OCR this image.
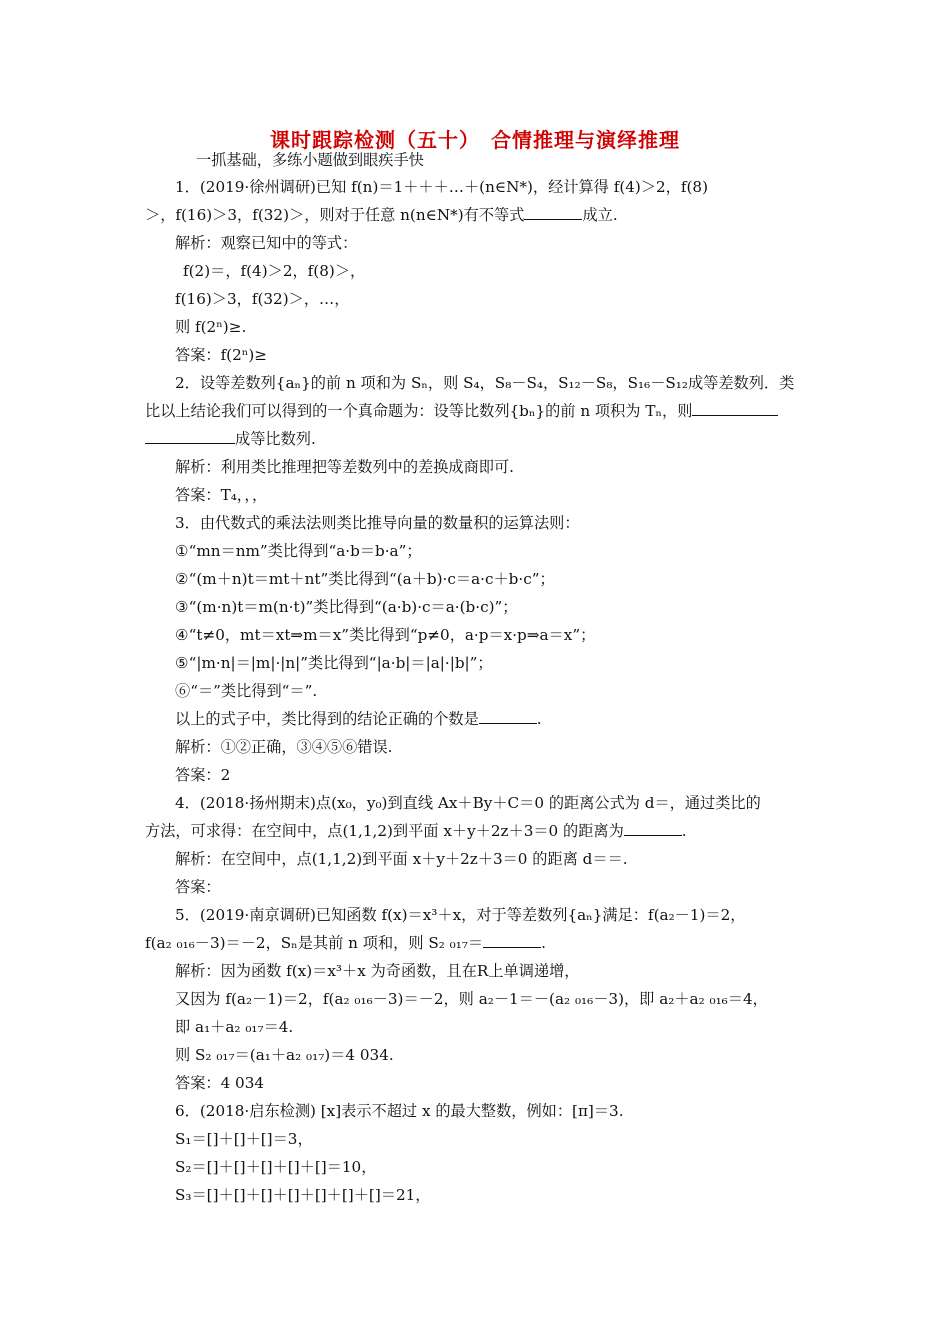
课时跟踪检测（五十）　合情推理与演绎推理
一抓基础，多练小题做到眼疾手快
1．(2019·徐州调研)已知 f(n)＝1＋＋＋…＋(n∈N*)，经计算得 f(4)＞2，f(8)
＞，f(16)＞3，f(32)＞，则对于任意 n(n∈N*)有不等式	成立.
解析：观察已知中的等式：
f(2)＝，f(4)＞2，f(8)＞，
f(16)＞3，f(32)＞，…，
则 f(2ⁿ)≥.
答案：f(2ⁿ)≥
2．设等差数列{aₙ}的前 n 项和为 Sₙ，则 S₄，S₈－S₄，S₁₂－S₈，S₁₆－S₁₂成等差数列．类
比以上结论我们可以得到的一个真命题为：设等比数列{bₙ}的前 n 项积为 Tₙ，则
成等比数列.
解析：利用类比推理把等差数列中的差换成商即可.
答案：T₄，，，
3．由代数式的乘法法则类比推导向量的数量积的运算法则：
①“mn＝nm”类比得到“a·b＝b·a”；
②“(m＋n)t＝mt＋nt”类比得到“(a＋b)·c＝a·c＋b·c”；
③“(m·n)t＝m(n·t)”类比得到“(a·b)·c＝a·(b·c)”；
④“t≠0，mt＝xt⇒m＝x”类比得到“p≠0，a·p＝x·p⇒a＝x”；
⑤“|m·n|＝|m|·|n|”类比得到“|a·b|＝|a|·|b|”；
⑥“＝”类比得到“＝”.
以上的式子中，类比得到的结论正确的个数是	.
解析：①②正确，③④⑤⑥错误.
答案：2
4．(2018·扬州期末)点(x₀，y₀)到直线 Ax＋By＋C＝0 的距离公式为 d＝，通过类比的
方法，可求得：在空间中，点(1,1,2)到平面 x＋y＋2z＋3＝0 的距离为	.
解析：在空间中，点(1,1,2)到平面 x＋y＋2z＋3＝0 的距离 d＝＝.
答案：
5．(2019·南京调研)已知函数 f(x)＝x³＋x，对于等差数列{aₙ}满足：f(a₂－1)＝2，
f(a₂ ₀₁₆－3)＝－2，Sₙ是其前 n 项和，则 S₂ ₀₁₇＝	.
解析：因为函数 f(x)＝x³＋x 为奇函数，且在R上单调递增，
又因为 f(a₂－1)＝2，f(a₂ ₀₁₆－3)＝－2，则 a₂－1＝－(a₂ ₀₁₆－3)，即 a₂＋a₂ ₀₁₆＝4，
即 a₁＋a₂ ₀₁₇＝4.
则 S₂ ₀₁₇＝(a₁＋a₂ ₀₁₇)＝4 034.
答案：4 034
6．(2018·启东检测) [x]表示不超过 x 的最大整数，例如：[π]＝3.
S₁＝[]＋[]＋[]＝3，
S₂＝[]＋[]＋[]＋[]＋[]＝10，
S₃＝[]＋[]＋[]＋[]＋[]＋[]＋[]＝21，
